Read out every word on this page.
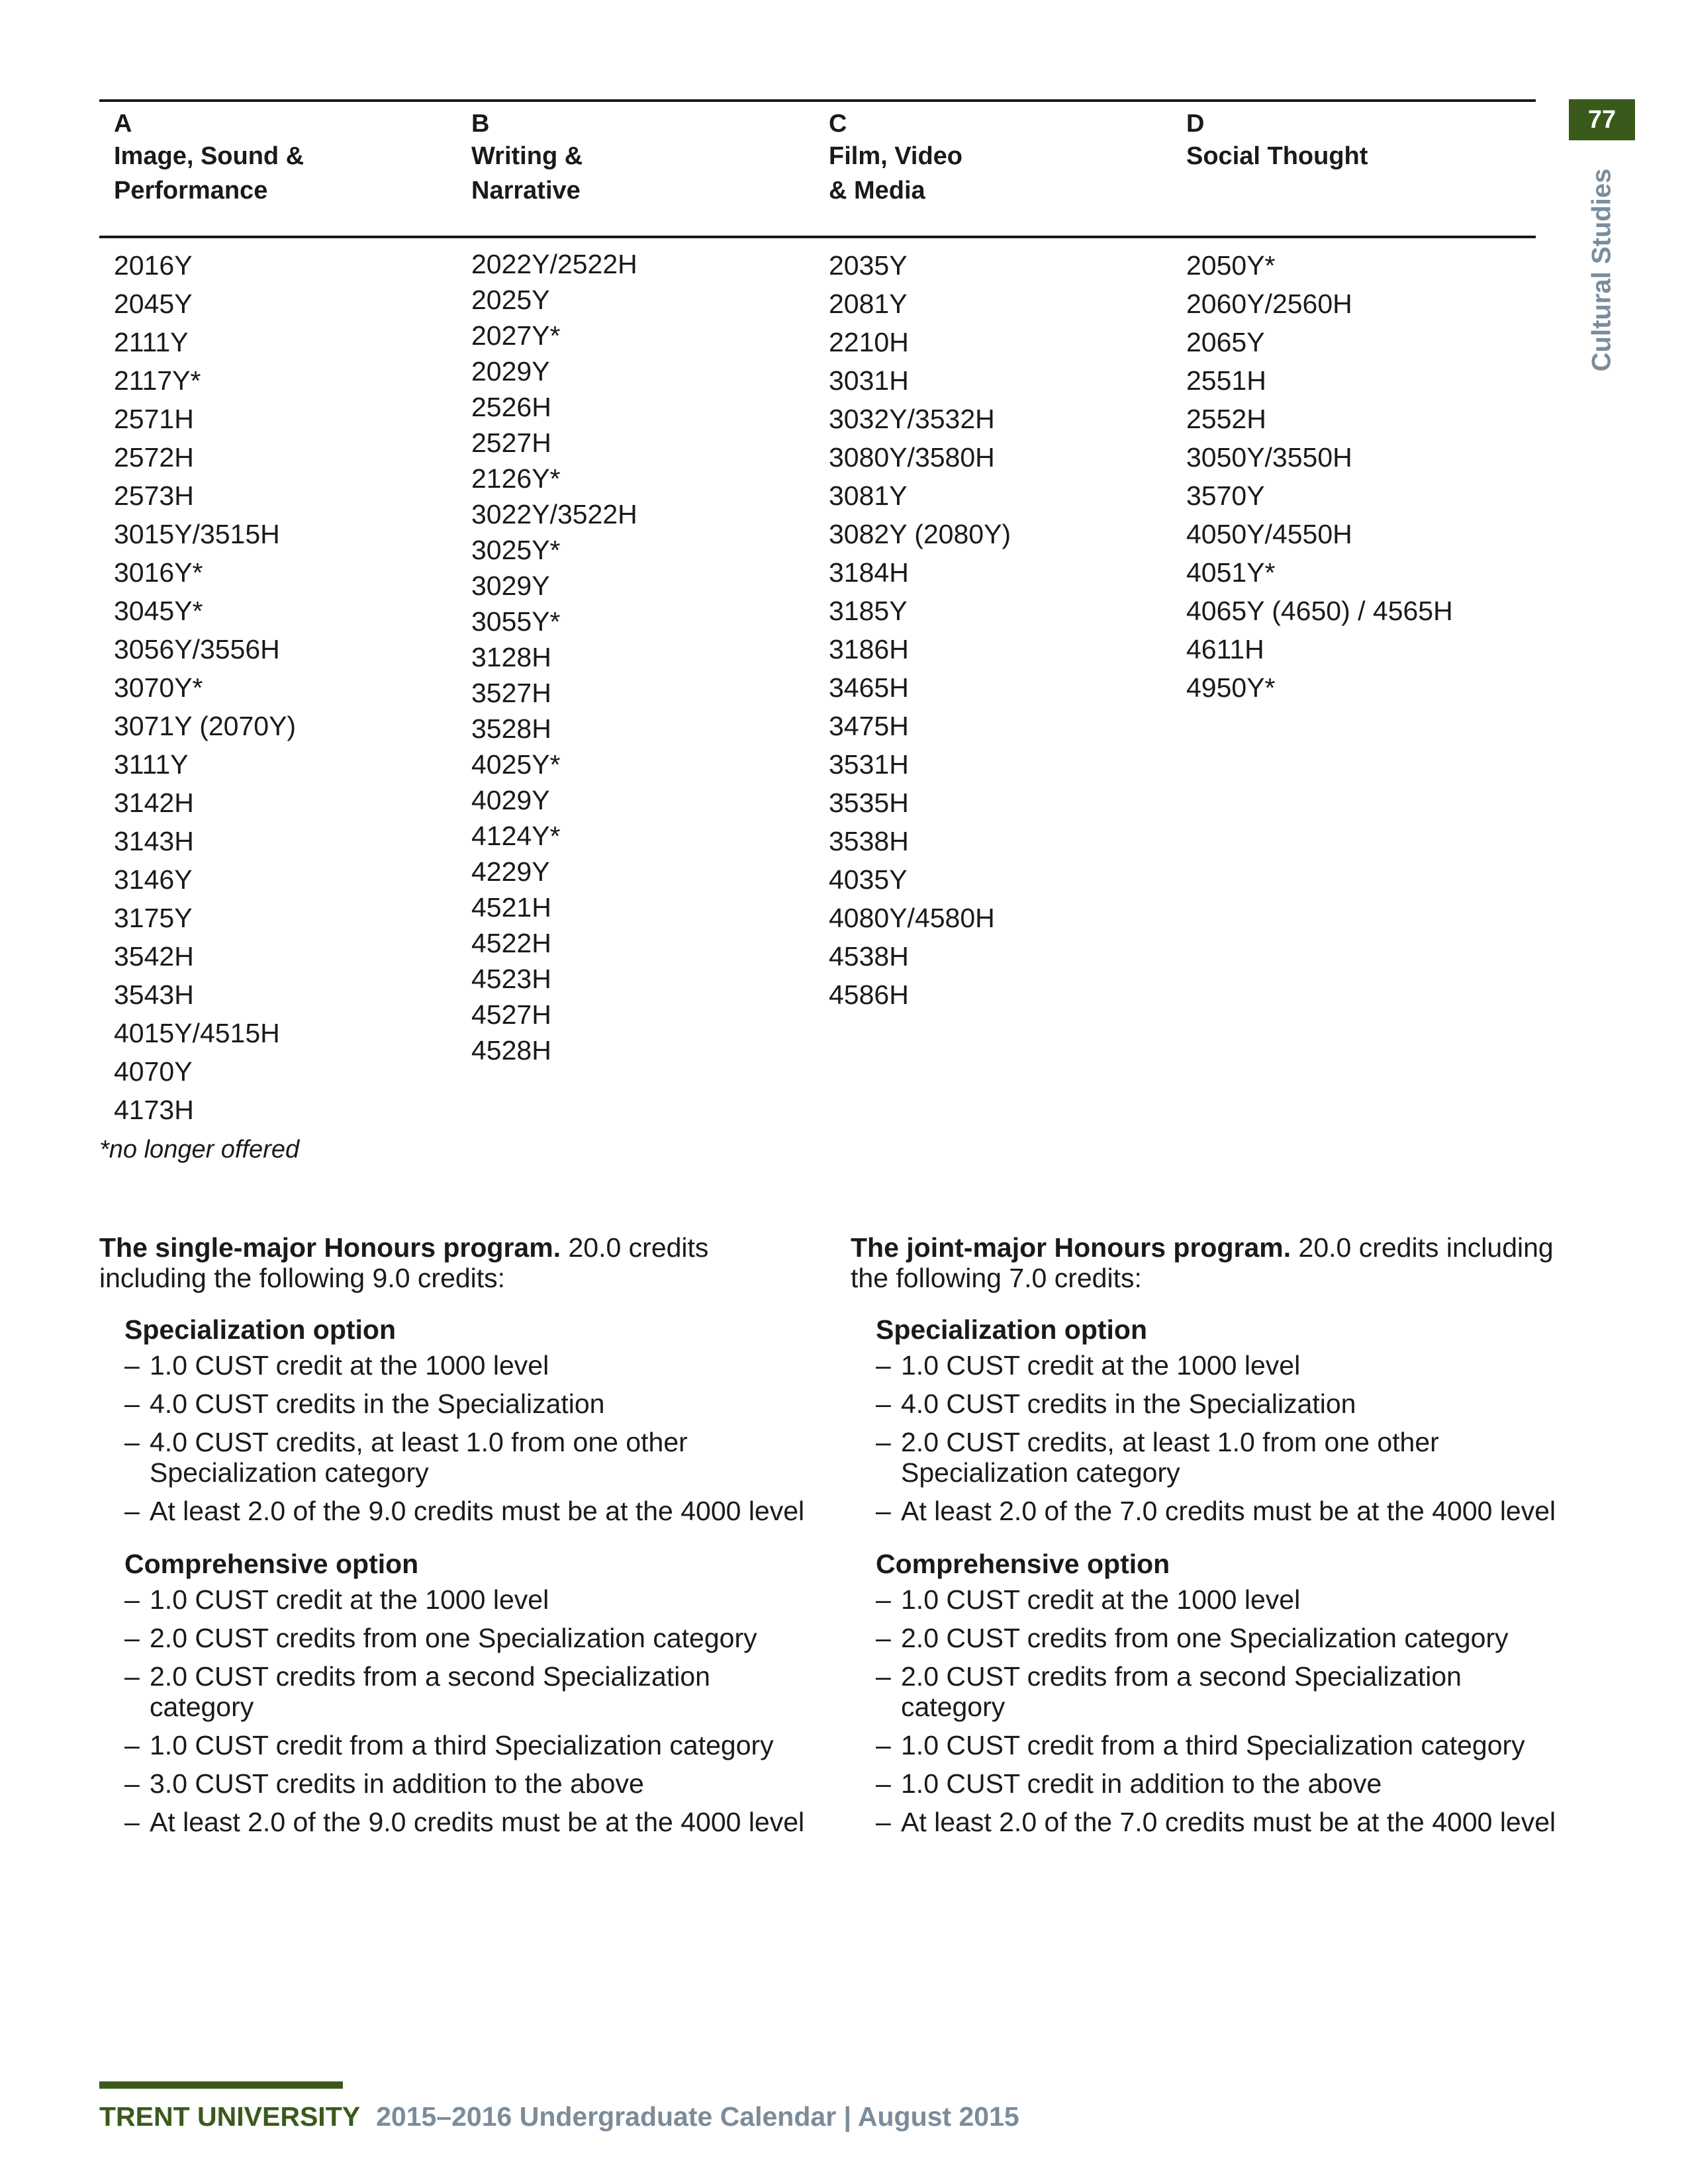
77
Cultural Studies
A
Image, Sound &
Performance
2016Y
2045Y
2111Y
2117Y*
2571H
2572H
2573H
3015Y/3515H
3016Y*
3045Y*
3056Y/3556H
3070Y*
3071Y (2070Y)
3111Y
3142H
3143H
3146Y
3175Y
3542H
3543H
4015Y/4515H
4070Y
4173H
B
Writing &
Narrative
2022Y/2522H
2025Y
2027Y*
2029Y
2526H
2527H
2126Y*
3022Y/3522H
3025Y*
3029Y
3055Y*
3128H
3527H
3528H
4025Y*
4029Y
4124Y*
4229Y
4521H
4522H
4523H
4527H
4528H
C
Film, Video
& Media
2035Y
2081Y
2210H
3031H
3032Y/3532H
3080Y/3580H
3081Y
3082Y (2080Y)
3184H
3185Y
3186H
3465H
3475H
3531H
3535H
3538H
4035Y
4080Y/4580H
4538H
4586H
D
Social Thought
2050Y*
2060Y/2560H
2065Y
2551H
2552H
3050Y/3550H
3570Y
4050Y/4550H
4051Y*
4065Y (4650) / 4565H
4611H
4950Y*
*no longer offered

The single-major Honours program. 20.0 credits including the following 9.0 credits:

Specialization option

– 1.0 CUST credit at the 1000 level
– 4.0 CUST credits in the Specialization
– 4.0 CUST credits, at least 1.0 from one other Specialization category
– At least 2.0 of the 9.0 credits must be at the 4000 level

Comprehensive option

– 1.0 CUST credit at the 1000 level
– 2.0 CUST credits from one Specialization category
– 2.0 CUST credits from a second Specialization category
– 1.0 CUST credit from a third Specialization category
– 3.0 CUST credits in addition to the above
– At least 2.0 of the 9.0 credits must be at the 4000 level

The joint-major Honours program. 20.0 credits including the following 7.0 credits:

Specialization option

– 1.0 CUST credit at the 1000 level
– 4.0 CUST credits in the Specialization
– 2.0 CUST credits, at least 1.0 from one other Specialization category
– At least 2.0 of the 7.0 credits must be at the 4000 level

Comprehensive option

– 1.0 CUST credit at the 1000 level
– 2.0 CUST credits from one Specialization category
– 2.0 CUST credits from a second Specialization category
– 1.0 CUST credit from a third Specialization category
– 1.0 CUST credit in addition to the above
– At least 2.0 of the 7.0 credits must be at the 4000 level
TRENT UNIVERSITY 2015–2016 Undergraduate Calendar | August 2015
